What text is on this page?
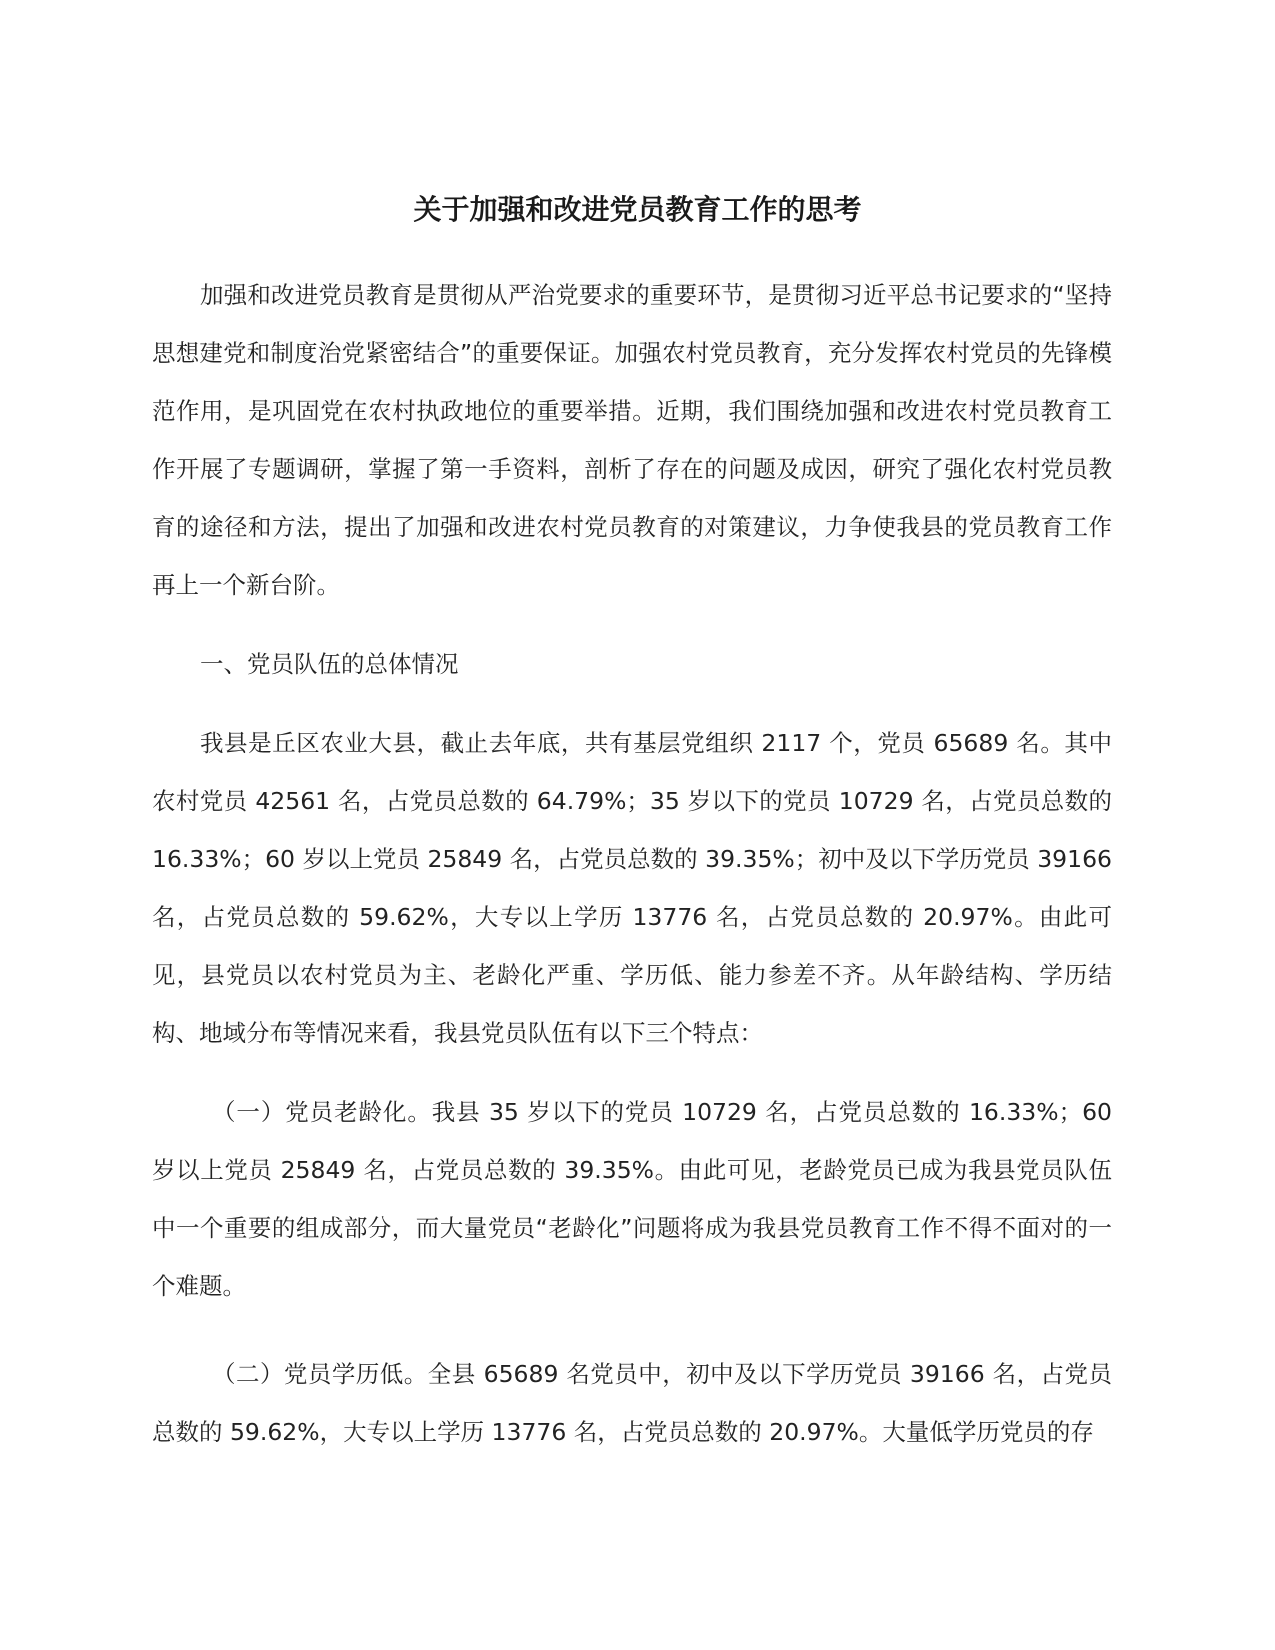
关于加强和改进党员教育工作的思考

加强和改进党员教育是贯彻从严治党要求的重要环节，是贯彻习近平总书记要求的“坚持思想建党和制度治党紧密结合”的重要保证。加强农村党员教育，充分发挥农村党员的先锋模范作用，是巩固党在农村执政地位的重要举措。近期，我们围绕加强和改进农村党员教育工作开展了专题调研，掌握了第一手资料，剖析了存在的问题及成因，研究了强化农村党员教育的途径和方法，提出了加强和改进农村党员教育的对策建议，力争使我县的党员教育工作再上一个新台阶。

一、党员队伍的总体情况

我县是丘区农业大县，截止去年底，共有基层党组织 2117 个，党员 65689 名。其中农村党员 42561 名，占党员总数的 64.79%；35 岁以下的党员 10729 名，占党员总数的 16.33%；60 岁以上党员 25849 名，占党员总数的 39.35%；初中及以下学历党员 39166 名，占党员总数的 59.62%，大专以上学历 13776 名，占党员总数的 20.97%。由此可见，县党员以农村党员为主、老龄化严重、学历低、能力参差不齐。从年龄结构、学历结构、地域分布等情况来看，我县党员队伍有以下三个特点：

（一）党员老龄化。我县 35 岁以下的党员 10729 名，占党员总数的 16.33%；60 岁以上党员 25849 名，占党员总数的 39.35%。由此可见，老龄党员已成为我县党员队伍中一个重要的组成部分，而大量党员“老龄化”问题将成为我县党员教育工作不得不面对的一个难题。

（二）党员学历低。全县 65689 名党员中，初中及以下学历党员 39166 名，占党员总数的 59.62%，大专以上学历 13776 名，占党员总数的 20.97%。大量低学历党员的存
